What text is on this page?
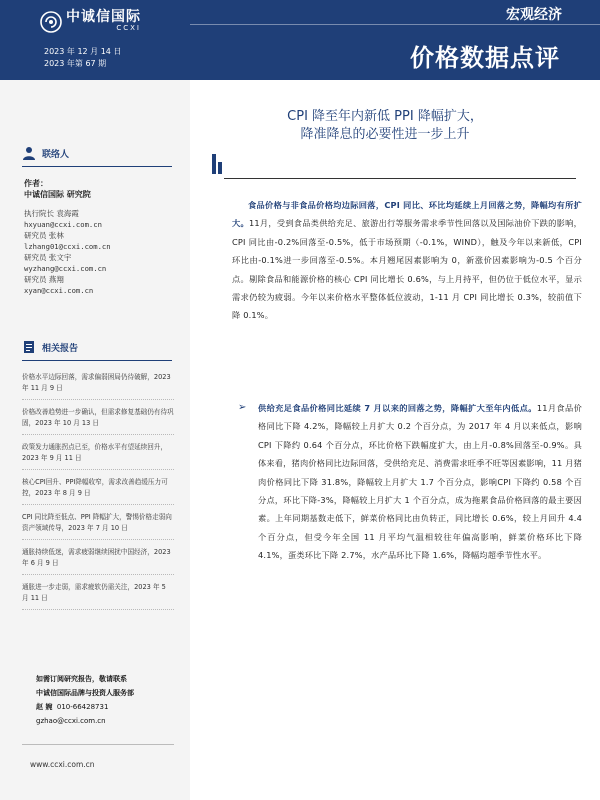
中诚信国际
CCXI
2023 年 12 月 14 日
2023 年第 67 期
宏观经济
价格数据点评
联络人
作者：
中诚信国际 研究院
执行院长 袁海霞
hxyuan@ccxi.com.cn
研究员 张林
lzhang01@ccxi.com.cn
研究员 张文宇
wyzhang@ccxi.com.cn
研究员 燕翔
xyan@ccxi.com.cn
相关报告
价格水平边际回落，需求偏弱困局仍待破解，2023 年 11 月 9 日
价格改善趋势进一步确认，但需求修复基础仍有待巩固，2023 年 10 月 13 日
政策发力通胀拐点已至，价格水平有望延续回升，2023 年 9 月 11 日
核心CPI回升、PPI降幅收窄，需求改善趋缓压力可控，2023 年 8 月 9 日
CPI 同比降至低点、PPI 降幅扩大，警惕价格走弱向资产领域传导，2023 年 7 月 10 日
通胀持续低迷，需求疲弱继续困扰中国经济，2023 年 6 月 9 日
通胀进一步走弱，需求疲软仍需关注，2023 年 5 月 11 日
如需订阅研究报告，敬请联系
中诚信国际品牌与投资人服务部
赵 婉 010-66428731
gzhao@ccxi.com.cn
www.ccxi.com.cn
CPI 降至年内新低 PPI 降幅扩大，
降准降息的必要性进一步上升
食品价格与非食品价格均边际回落，CPI 同比、环比均延续上月回落之势，降幅均有所扩大。11月，受到食品类供给充足、旅游出行等服务需求季节性回落以及国际油价下跌的影响，CPI 同比由-0.2%回落至-0.5%，低于市场预期（-0.1%，WIND），触及今年以来新低，CPI 环比由-0.1%进一步回落至-0.5%。本月翘尾因素影响为 0，新涨价因素影响为-0.5 个百分点。剔除食品和能源价格的核心 CPI 同比增长 0.6%，与上月持平，但仍位于低位水平，显示需求仍较为疲弱。今年以来价格水平整体低位波动，1-11 月 CPI 同比增长 0.3%，较前值下降 0.1%。
➢ 供给充足食品价格同比延续 7 月以来的回落之势，降幅扩大至年内低点。11月食品价格同比下降 4.2%，降幅较上月扩大 0.2 个百分点，为 2017 年 4 月以来低点，影响 CPI 下降约 0.64 个百分点，环比价格下跌幅度扩大，由上月-0.8%回落至-0.9%。具体来看，猪肉价格同比边际回落，受供给充足、消费需求旺季不旺等因素影响，11 月猪肉价格同比下降 31.8%，降幅较上月扩大 1.7 个百分点，影响CPI 下降约 0.58 个百分点，环比下降-3%，降幅较上月扩大 1 个百分点，成为拖累食品价格回落的最主要因素。上年同期基数走低下，鲜菜价格同比由负转正，同比增长 0.6%，较上月回升 4.4 个百分点，但受今年全国 11 月平均气温相较往年偏高影响，鲜菜价格环比下降 4.1%，蛋类环比下降 2.7%，水产品环比下降 1.6%，降幅均超季节性水平。
